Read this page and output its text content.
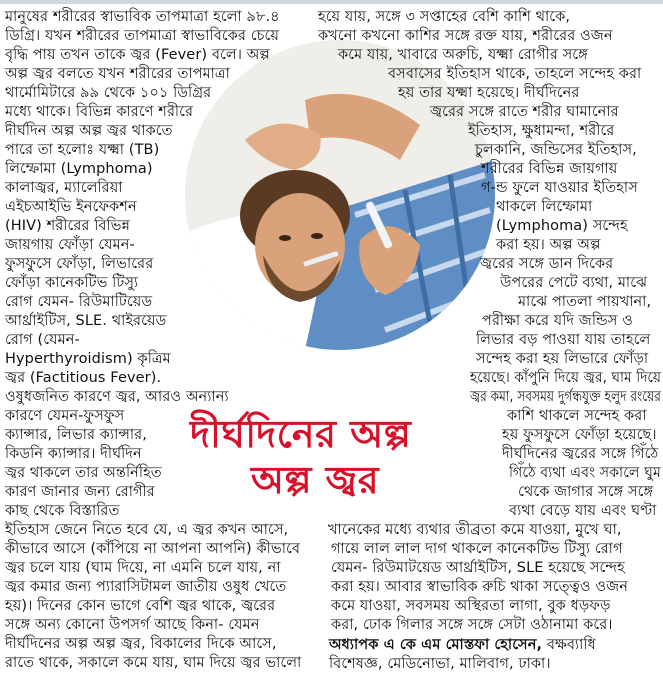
মানুষের শরীরের স্বাভাবিক তাপমাত্রা হলো ৯৮.৪
ডিগ্রি। যখন শরীরের তাপমাত্রা স্বাভাবিকের চেয়ে
বৃদ্ধি পায় তখন তাকে জ্বর (Fever) বলে। অল্প
অল্প জ্বর বলতে যখন শরীরের তাপমাত্রা
থার্মোমিটারে ৯৯ থেকে ১০১ ডিগ্রির
মধ্যে থাকে। বিভিন্ন কারণে শরীরে
দীর্ঘদিন অল্প অল্প জ্বর থাকতে
পারে তা হলোঃ যক্ষ্মা (TB)
লিম্ফোমা (Lymphoma)
কালাজ্বর, ম্যালেরিয়া
এইচআইভি ইনফেকশন
(HIV) শরীরের বিভিন্ন
জায়গায় ফোঁড়া যেমন-
ফুসফুসে ফোঁড়া, লিভারের
ফোঁড়া কানেকটিভ টিস্যু
রোগ যেমন- রিউমাটিয়েড
আর্থ্রাইটিস, SLE. থাইরয়েড
রোগ (যেমন-
Hyperthyroidism) কৃত্রিম
জ্বর (Factitious Fever).
ওষুধজনিত কারণে জ্বর, আরও অন্যান্য
কারণে যেমন-ফুসফুস
ক্যান্সার, লিভার ক্যান্সার,
কিডনি ক্যান্সার। দীর্ঘদিন
জ্বর থাকলে তার অন্তর্নিহিত
কারণ জানার জন্য রোগীর
কাছ থেকে বিস্তারিত
ইতিহাস জেনে নিতে হবে যে, এ জ্বর কখন আসে,
কীভাবে আসে (কাঁপিয়ে না আপনা আপনি) কীভাবে
জ্বর চলে যায় (ঘাম দিয়ে, না এমনি চলে যায়, না
জ্বর কমার জন্য প্যারাসিটামল জাতীয় ওষুধ খেতে
হয়)। দিনের কোন ভাগে বেশি জ্বর থাকে, জ্বরের
সঙ্গে অন্য কোনো উপসর্গ আছে কিনা- যেমন
দীর্ঘদিনের অল্প অল্প জ্বর, বিকালের দিকে আসে,
রাতে থাকে, সকালে কমে যায়, ঘাম দিয়ে জ্বর ভালো
হয়ে যায়, সঙ্গে ৩ সপ্তাহের বেশি কাশি থাকে,
কখনো কখনো কাশির সঙ্গে রক্ত যায়, শরীরের ওজন
কমে যায়, খাবারে অরুচি, যক্ষ্মা রোগীর সঙ্গে
বসবাসের ইতিহাস থাকে, তাহলে সন্দেহ করা
হয় তার যক্ষ্মা হয়েছে। দীর্ঘদিনের
জ্বরের সঙ্গে রাতে শরীর ঘামানোর
ইতিহাস, ক্ষুধামন্দা, শরীরে
চুলকানি, জন্ডিসের ইতিহাস,
শরীরের বিভিন্ন জায়গায়
গ-ন্ড ফুলে যাওয়ার ইতিহাস
থাকলে লিম্ফোমা
(Lymphoma) সন্দেহ
করা হয়। অল্প অল্প
জ্বরের সঙ্গে ডান দিকের
উপরের পেটে ব্যথা, মাঝে
মাঝে পাতলা পায়খানা,
পরীক্ষা করে যদি জন্ডিস ও
লিভার বড় পাওয়া যায় তাহলে
সন্দেহ করা হয় লিভারে ফোঁড়া
হয়েছে। কাঁপুনি দিয়ে জ্বর, ঘাম দিয়ে
জ্বর কমা, সবসময় দুর্গন্ধযুক্ত হলুদ রংয়ের
কাশি থাকলে সন্দেহ করা
হয় ফুসফুসে ফোঁড়া হয়েছে।
দীর্ঘদিনের জ্বরের সঙ্গে গিঁঠে
গিঁঠে ব্যথা এবং সকালে ঘুম
থেকে জাগার সঙ্গে সঙ্গে
ব্যথা বেড়ে যায় এবং ঘণ্টা
খানেকের মধ্যে ব্যথার তীব্রতা কমে যাওয়া, মুখে ঘা,
গায়ে লাল লাল দাগ থাকলে কানেকটিভ টিস্যু রোগ
যেমন- রিউমাটয়েড আর্থ্রাইটিস, SLE হয়েছে সন্দেহ
করা হয়। আবার স্বাভাবিক রুচি থাকা সত্ত্বেও ওজন
কমে যাওয়া, সবসময় অস্থিরতা লাগা, বুক ধড়ফড়
করা, ঢোক গিলার সঙ্গে সঙ্গে সেটা ওঠানামা করে।
দীর্ঘদিনের অল্প
অল্প জ্বর
অধ্যাপক এ কে এম মোস্তফা হোসেন, বক্ষব্যাধি
বিশেষজ্ঞ, মেডিনোভা, মালিবাগ, ঢাকা।
